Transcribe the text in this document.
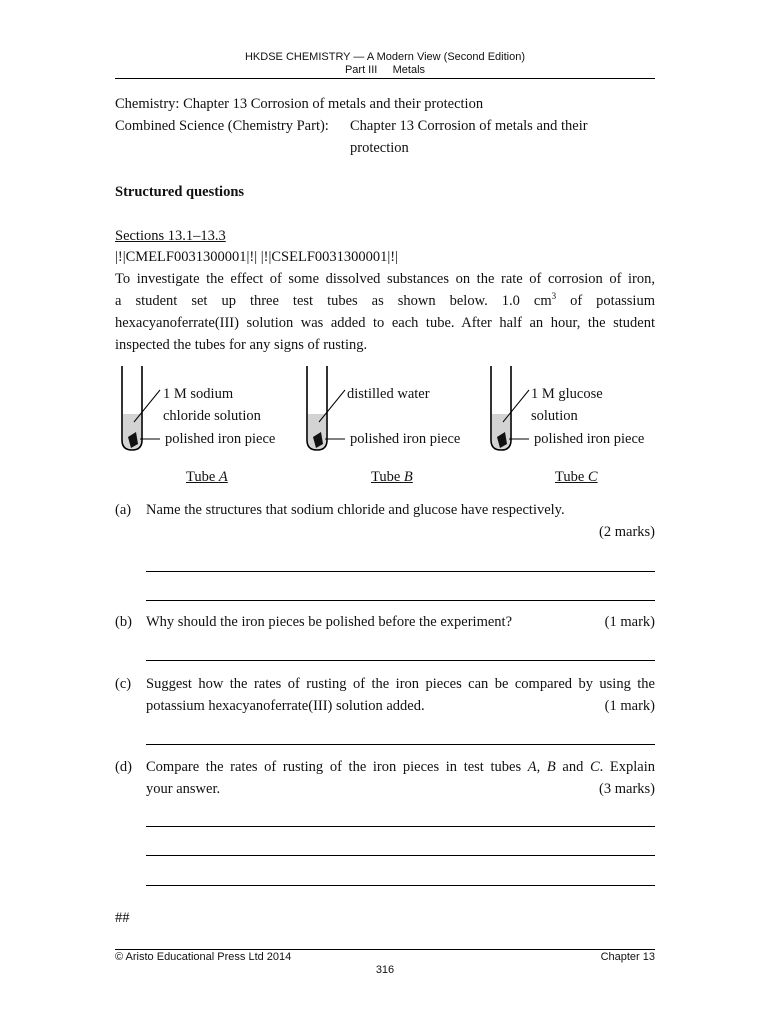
HKDSE CHEMISTRY — A Modern View (Second Edition)
Part III     Metals
Chemistry: Chapter 13 Corrosion of metals and their protection
Combined Science (Chemistry Part): Chapter 13 Corrosion of metals and their
protection
Structured questions
Sections 13.1–13.3
|!|CMELF0031300001|!| |!|CSELF0031300001|!|
To investigate the effect of some dissolved substances on the rate of corrosion of iron,
a student set up three test tubes as shown below. 1.0 $cm^3$ of potassium
hexacyanoferrate(III) solution was added to each tube. After half an hour, the student
inspected the tubes for any signs of rusting.
1 M sodium
chloride solution
polished iron piece
distilled water
polished iron piece
1 M glucose
solution
polished iron piece
Tube A	Tube B	Tube C
(a) Name the structures that sodium chloride and glucose have respectively.
(2 marks)
(b) Why should the iron pieces be polished before the experiment?	(1 mark)
(c) Suggest how the rates of rusting of the iron pieces can be compared by using the
potassium hexacyanoferrate(III) solution added.	(1 mark)
(d) Compare the rates of rusting of the iron pieces in test tubes A, B and C. Explain
your answer.	(3 marks)
##
© Aristo Educational Press Ltd 2014	Chapter 13
316
